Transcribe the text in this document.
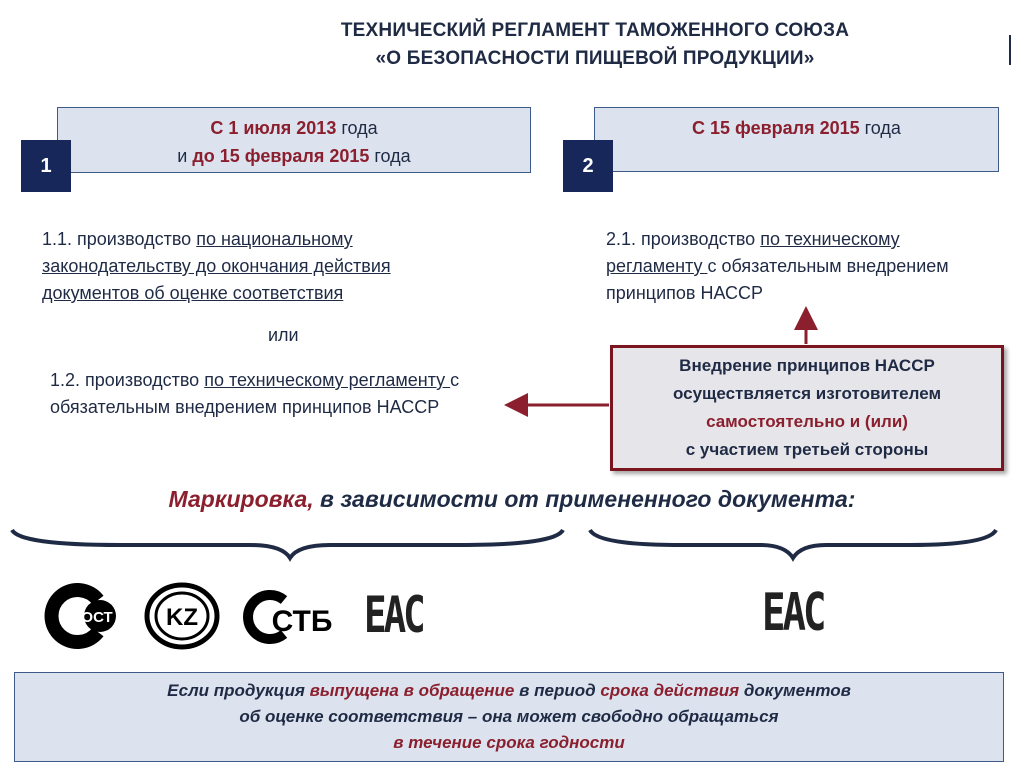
ТЕХНИЧЕСКИЙ РЕГЛАМЕНТ ТАМОЖЕННОГО СОЮЗА
«О БЕЗОПАСНОСТИ ПИЩЕВОЙ ПРОДУКЦИИ»
С 1 июля 2013 года
и до 15 февраля 2015 года
1
С 15 февраля 2015 года
2
1.1. производство по национальному законодательству до окончания действия документов об оценке соответствия
или
1.2. производство по техническому регламенту с обязательным внедрением принципов НАССР
2.1. производство по техническому регламенту с обязательным внедрением принципов НАССР
Внедрение принципов НАССР
осуществляется изготовителем
самостоятельно и (или)
с участием третьей стороны
Маркировка, в зависимости от примененного документа:
ГОСТ Р KZ СТБ ЕАС	ЕАС
Если продукция выпущена в обращение в период срока действия документов
об оценке соответствия – она может свободно обращаться
в течение срока годности
